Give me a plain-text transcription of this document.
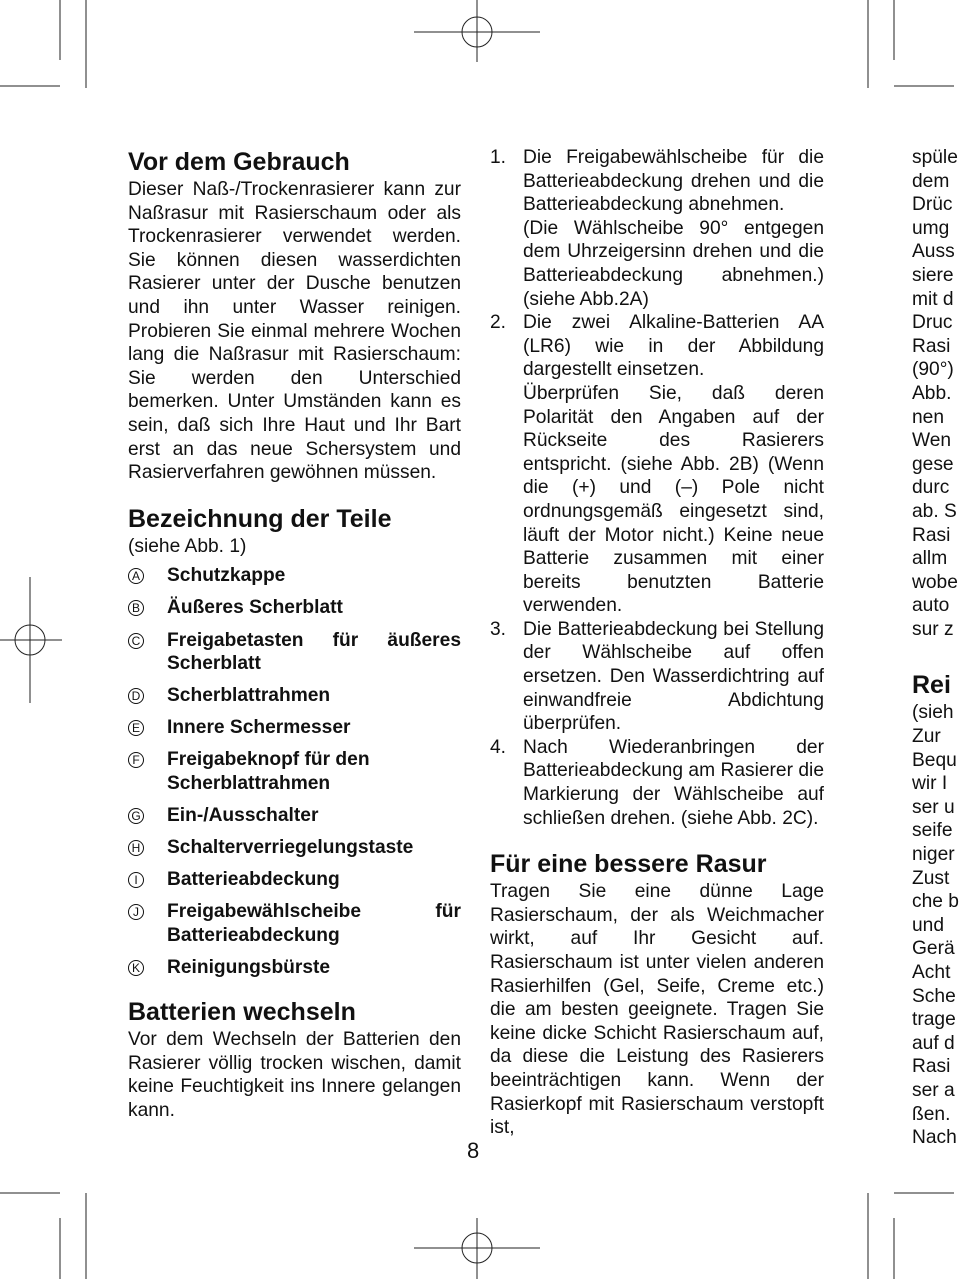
Vor dem Gebrauch

Dieser Naß-/Trockenrasierer kann zur Naßrasur mit Rasierschaum oder als Trockenrasierer verwendet werden. Sie können diesen wasserdichten Rasierer unter der Dusche benutzen und ihn unter Wasser reinigen. Probieren Sie einmal mehrere Wochen lang die Naßrasur mit Rasierschaum: Sie werden den Unterschied bemerken. Unter Umständen kann es sein, daß sich Ihre Haut und Ihr Bart erst an das neue Schersystem und Rasierverfahren gewöhnen müssen.

Bezeichnung der Teile
(siehe Abb. 1)
A Schutzkappe
B Äußeres Scherblatt
C Freigabetasten für äußeres Scherblatt
D Scherblattrahmen
E Innere Schermesser
F Freigabeknopf für den Scherblattrahmen
G Ein-/Ausschalter
H Schalterverriegelungstaste
I	Batterieabdeckung
J Freigabewählscheibe für Batterieabdeckung
K Reinigungsbürste
Batterien wechseln

Vor dem Wechseln der Batterien den Rasierer völlig trocken wischen, damit keine Feuchtigkeit ins Innere gelangen kann.

1. Die Freigabewählscheibe für die Batterieabdeckung drehen und die Batterieabdeckung abnehmen.
(Die Wählscheibe 90° entgegen dem Uhrzeigersinn drehen und die Batterieabdeckung abnehmen.) (siehe Abb.2A)
2. Die zwei Alkaline-Batterien AA (LR6) wie in der Abbildung dargestellt einsetzen.
Überprüfen Sie, daß deren Polarität den Angaben auf der Rückseite des Rasierers entspricht. (siehe Abb. 2B) (Wenn die (+) und (–) Pole nicht ordnungsgemäß eingesetzt sind, läuft der Motor nicht.) Keine neue Batterie zusammen mit einer bereits benutzten Batterie verwenden.
3. Die Batterieabdeckung bei Stellung der Wählscheibe auf offen ersetzen. Den Wasserdichtring auf einwandfreie Abdichtung überprüfen.
4. Nach Wiederanbringen der Batterieabdeckung am Rasierer die Markierung der Wählscheibe auf schließen drehen. (siehe Abb. 2C).
Für eine bessere Rasur

Tragen Sie eine dünne Lage Rasierschaum, der als Weichmacher wirkt, auf Ihr Gesicht auf. Rasierschaum ist unter vielen anderen Rasierhilfen (Gel, Seife, Creme etc.) die am besten geeignete. Tragen Sie keine dicke Schicht Rasierschaum auf, da diese die Leistung des Rasierers beeinträchtigen kann. Wenn der Rasierkopf mit Rasierschaum verstopft ist,

spüle
dem
Drüc
umg
Auss
siere
mit d
Druc
Rasi
(90°)
Abb.
nen
Wen
gese
durc
ab. S
Rasi
allm
wobe
auto
sur z
Rei
(sieh
Zur
Bequ
wir I
ser u
seife
niger
Zust
che b
und
Gerä
Acht
Sche
trage
auf d
Rasi
ser a
ßen.
Nach
8
